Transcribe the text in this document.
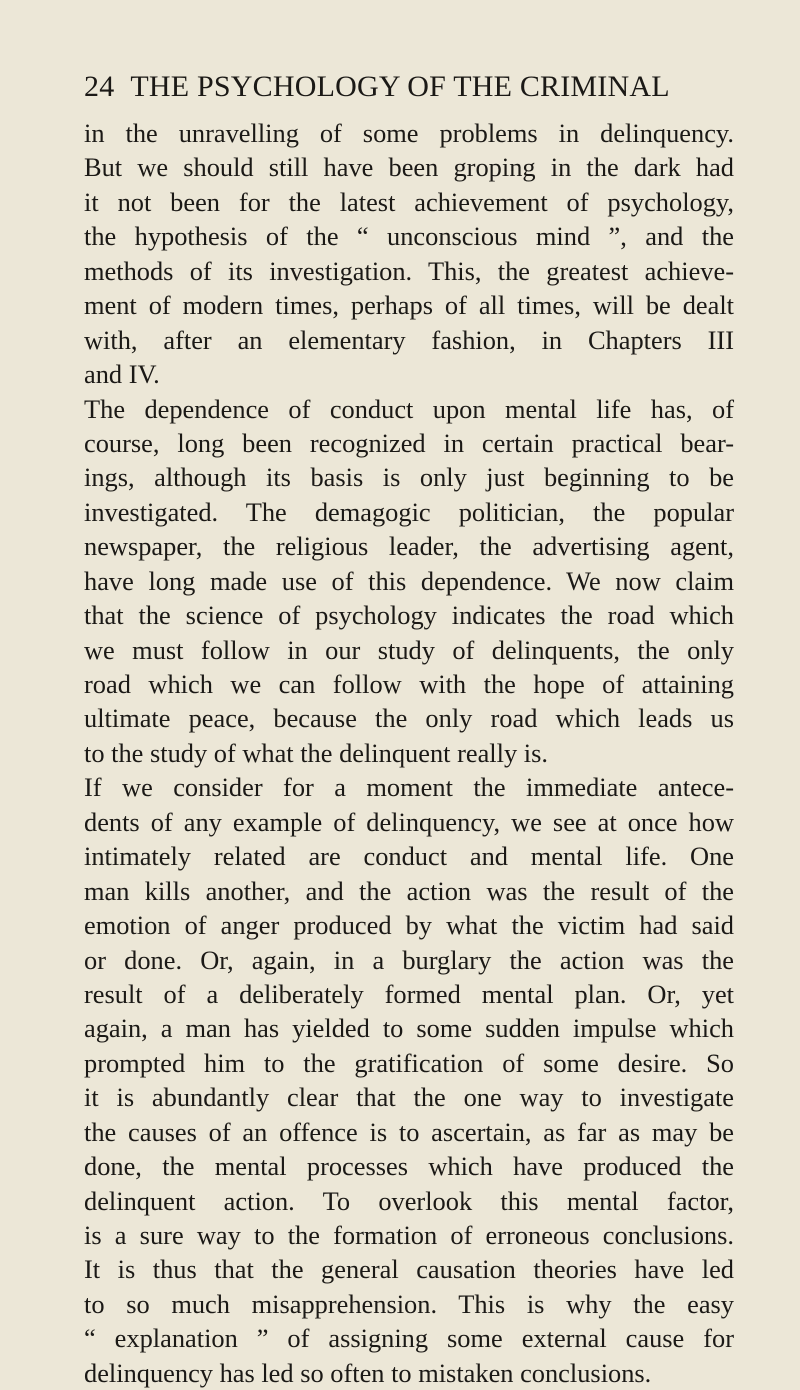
24 THE PSYCHOLOGY OF THE CRIMINAL
in the unravelling of some problems in delinquency.
But we should still have been groping in the dark had
it not been for the latest achievement of psychology,
the hypothesis of the “ unconscious mind ”, and the
methods of its investigation. This, the greatest achieve-
ment of modern times, perhaps of all times, will be dealt
with, after an elementary fashion, in Chapters III
and IV.
The dependence of conduct upon mental life has, of
course, long been recognized in certain practical bear-
ings, although its basis is only just beginning to be
investigated. The demagogic politician, the popular
newspaper, the religious leader, the advertising agent,
have long made use of this dependence. We now claim
that the science of psychology indicates the road which
we must follow in our study of delinquents, the only
road which we can follow with the hope of attaining
ultimate peace, because the only road which leads us
to the study of what the delinquent really is.
If we consider for a moment the immediate antece-
dents of any example of delinquency, we see at once how
intimately related are conduct and mental life. One
man kills another, and the action was the result of the
emotion of anger produced by what the victim had said
or done. Or, again, in a burglary the action was the
result of a deliberately formed mental plan. Or, yet
again, a man has yielded to some sudden impulse which
prompted him to the gratification of some desire. So
it is abundantly clear that the one way to investigate
the causes of an offence is to ascertain, as far as may be
done, the mental processes which have produced the
delinquent action. To overlook this mental factor,
is a sure way to the formation of erroneous conclusions.
It is thus that the general causation theories have led
to so much misapprehension. This is why the easy
“ explanation ” of assigning some external cause for
delinquency has led so often to mistaken conclusions.
